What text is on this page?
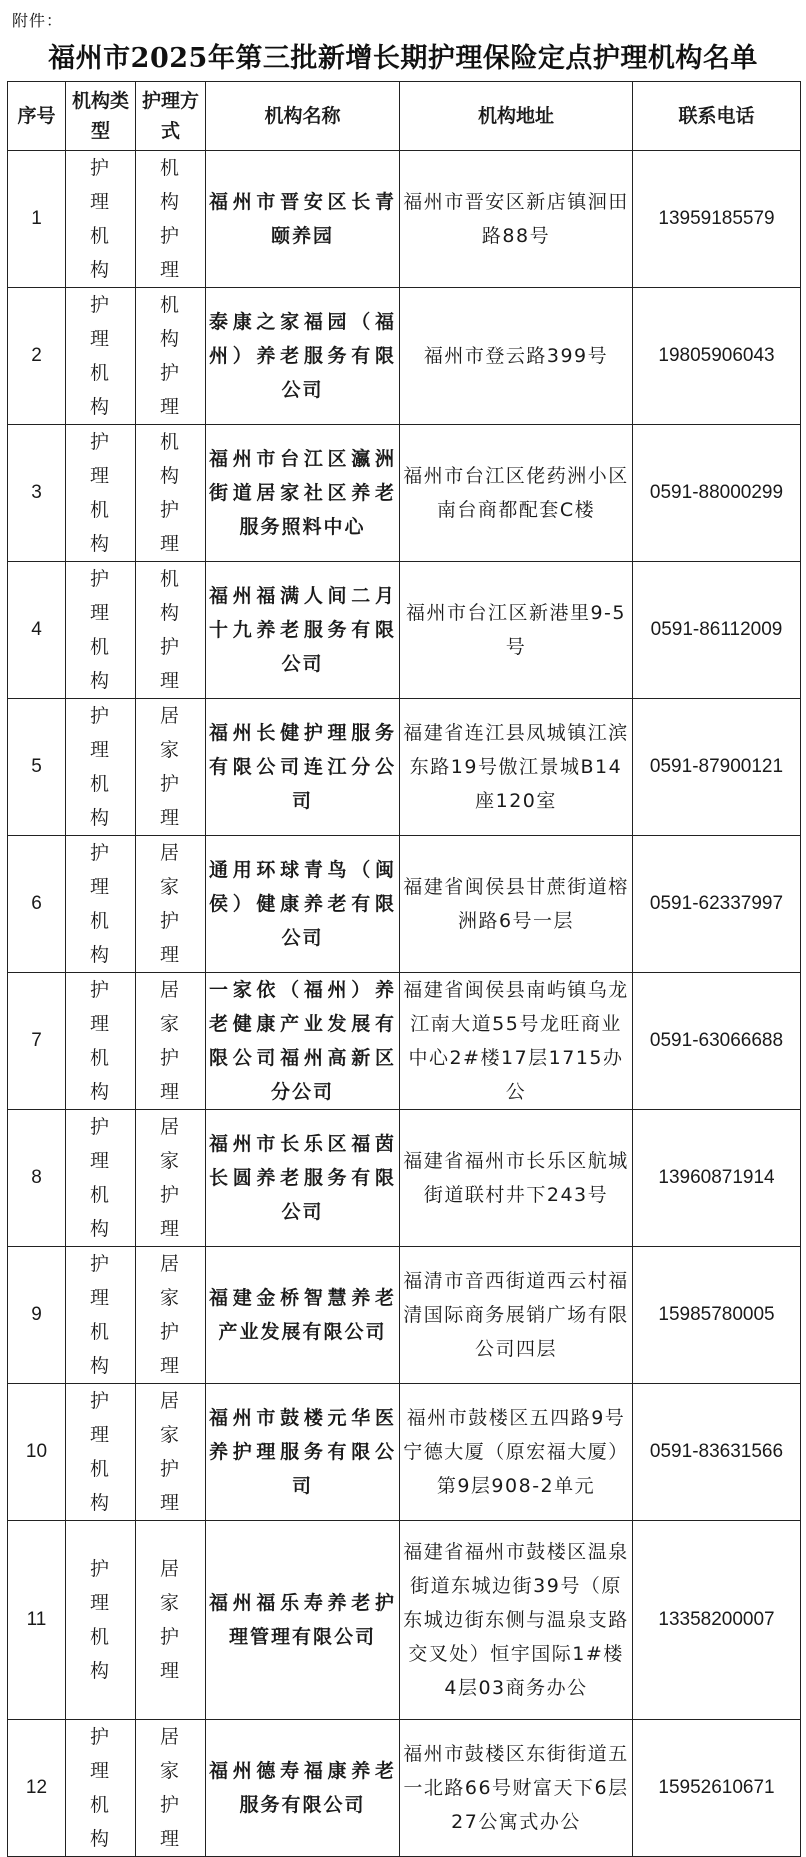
附件：
福州市2025年第三批新增长期护理保险定点护理机构名单
序号	机构类型	护理方式	机构名称	机构地址	联系电话
1	护理机构	机构护理	福州市晋安区长青颐养园	福州市晋安区新店镇洄田路88号	13959185579
2	护理机构	机构护理	泰康之家福园（福州）养老服务有限公司	福州市登云路399号	19805906043
3	护理机构	机构护理	福州市台江区瀛洲街道居家社区养老服务照料中心	福州市台江区佬药洲小区南台商都配套C楼	0591-88000299
4	护理机构	机构护理	福州福满人间二月十九养老服务有限公司	福州市台江区新港里9-5号	0591-86112009
5	护理机构	居家护理	福州长健护理服务有限公司连江分公司	福建省连江县凤城镇江滨东路19号傲江景城B14座120室	0591-87900121
6	护理机构	居家护理	通用环球青鸟（闽侯）健康养老有限公司	福建省闽侯县甘蔗街道榕洲路6号一层	0591-62337997
7	护理机构	居家护理	一家依（福州）养老健康产业发展有限公司福州高新区分公司	福建省闽侯县南屿镇乌龙江南大道55号龙旺商业中心2#楼17层1715办公	0591-63066688
8	护理机构	居家护理	福州市长乐区福茵长圆养老服务有限公司	福建省福州市长乐区航城街道联村井下243号	13960871914
9	护理机构	居家护理	福建金桥智慧养老产业发展有限公司	福清市音西街道西云村福清国际商务展销广场有限公司四层	15985780005
10	护理机构	居家护理	福州市鼓楼元华医养护理服务有限公司	福州市鼓楼区五四路9号宁德大厦（原宏福大厦）第9层908-2单元	0591-83631566
11	护理机构	居家护理	福州福乐寿养老护理管理有限公司	福建省福州市鼓楼区温泉街道东城边街39号（原东城边街东侧与温泉支路交叉处）恒宇国际1#楼4层03商务办公	13358200007
12	护理机构	居家护理	福州德寿福康养老服务有限公司	福州市鼓楼区东街街道五一北路66号财富天下6层27公寓式办公	15952610671
